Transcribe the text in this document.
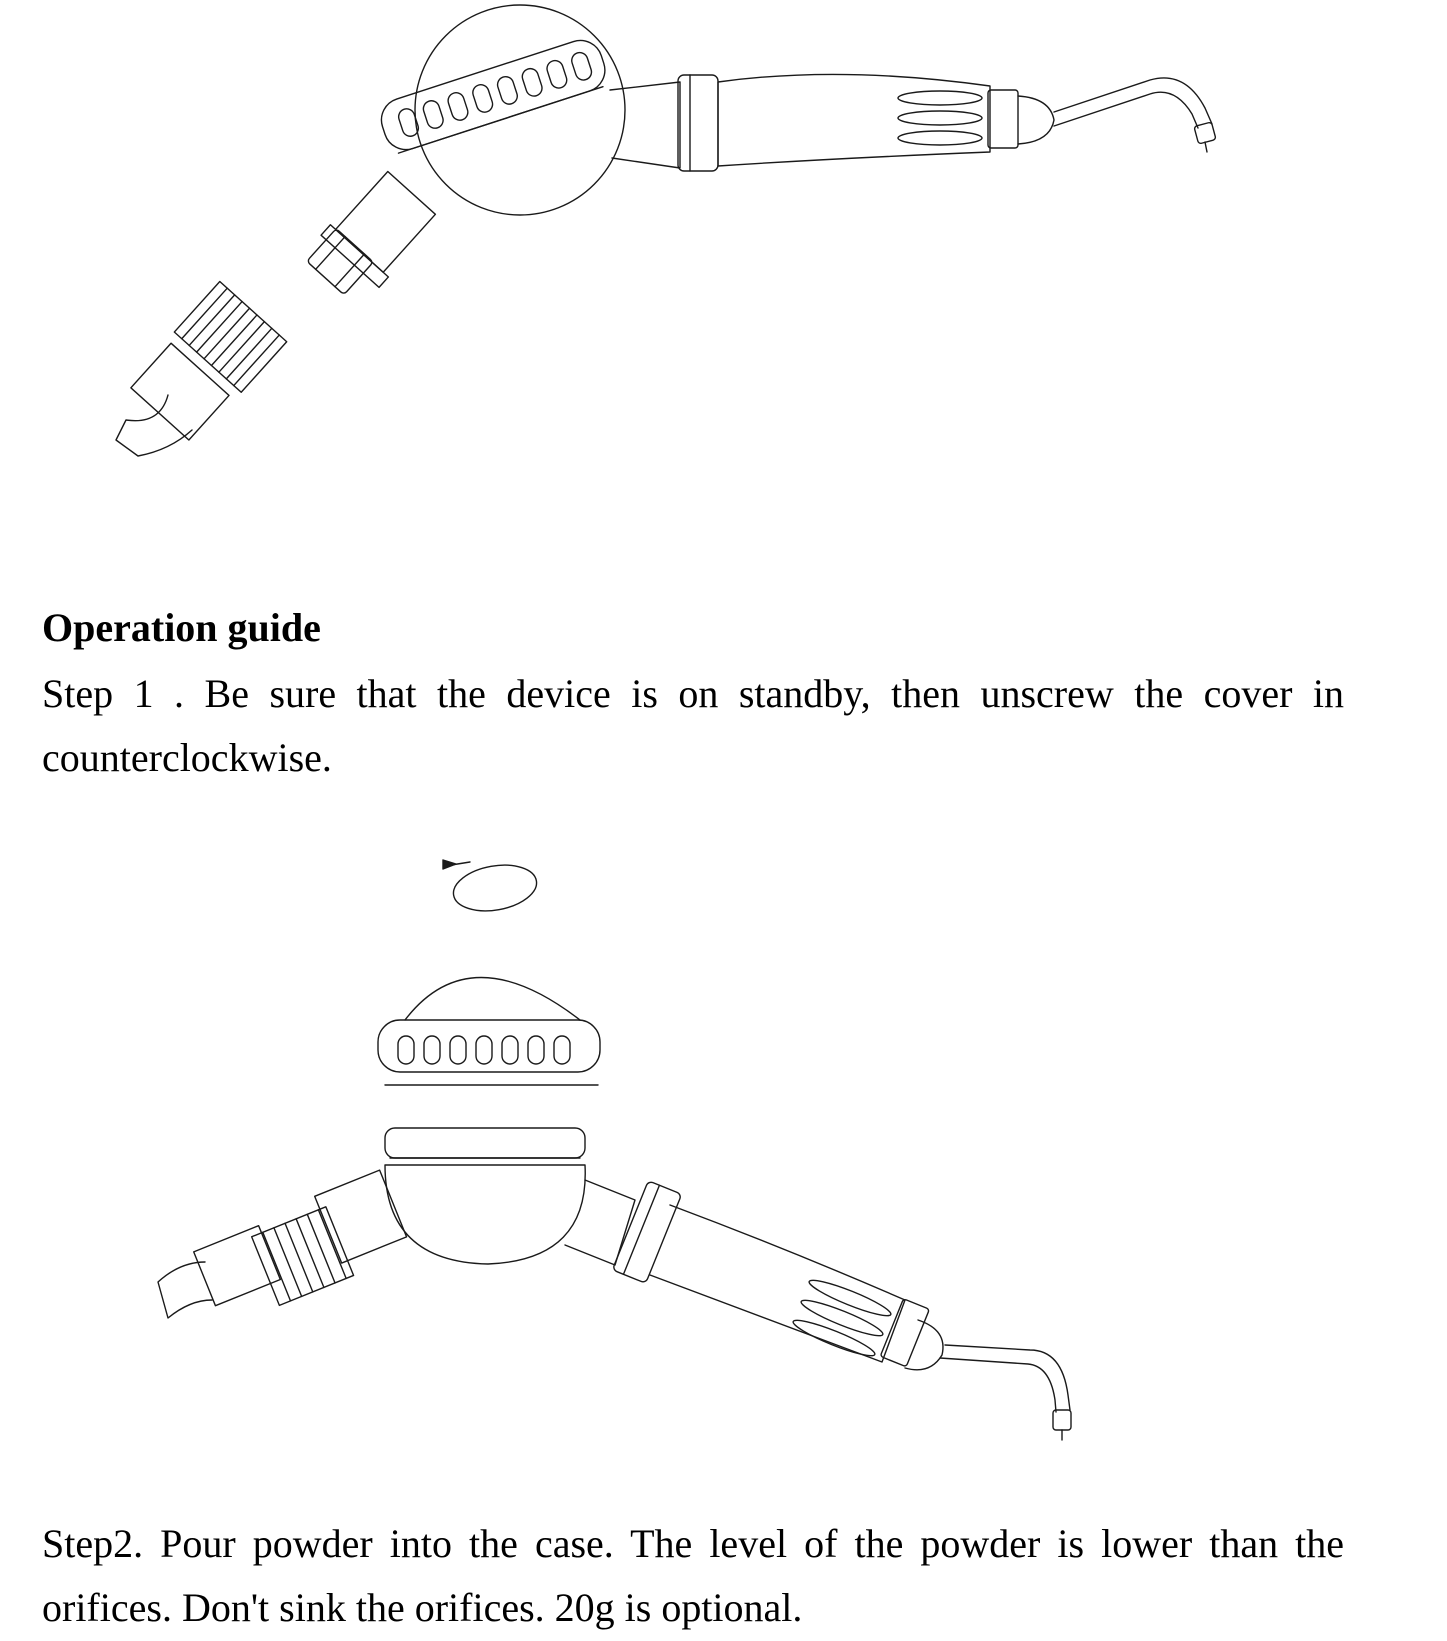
Operation guide

Step 1 . Be sure that the device is on standby, then unscrew the cover in counterclockwise.

Step2. Pour powder into the case. The level of the powder is lower than the orifices. Don't sink the orifices. 20g is optional.
